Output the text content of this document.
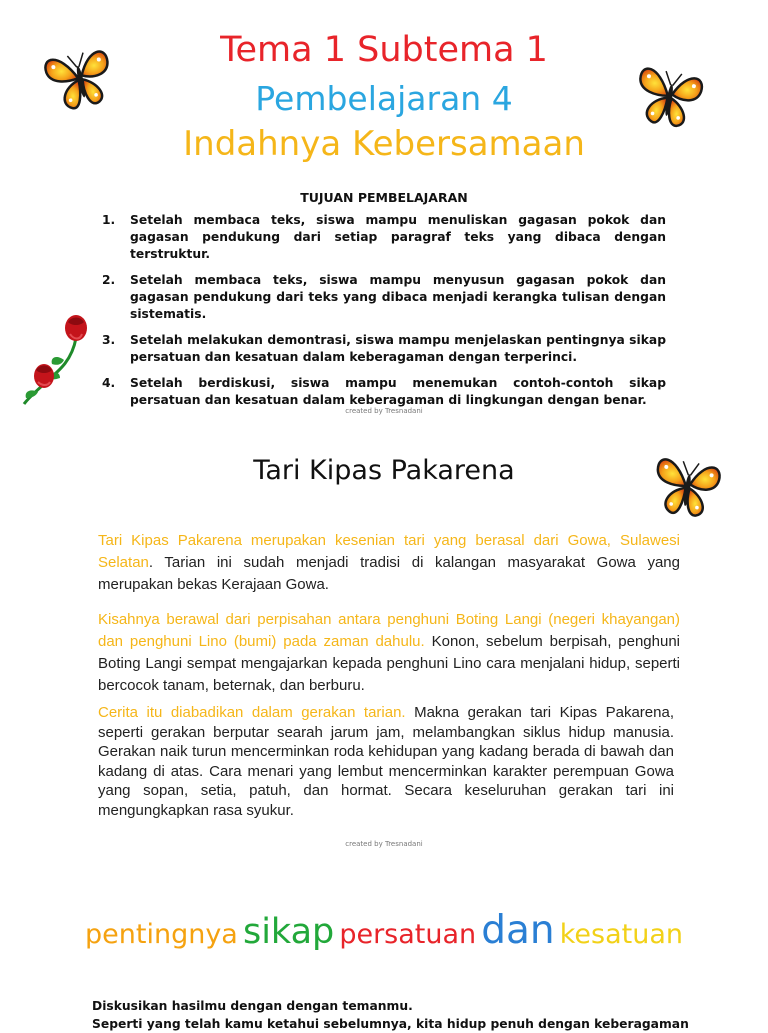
Tema 1 Subtema 1
Pembelajaran 4
Indahnya Kebersamaan
TUJUAN PEMBELAJARAN
1. Setelah membaca teks, siswa mampu menuliskan gagasan pokok dan gagasan pendukung dari setiap paragraf teks yang dibaca dengan terstruktur.
2. Setelah membaca teks, siswa mampu menyusun gagasan pokok dan gagasan pendukung dari teks yang dibaca menjadi kerangka tulisan dengan sistematis.
3. Setelah melakukan demontrasi, siswa mampu menjelaskan pentingnya sikap persatuan dan kesatuan dalam keberagaman dengan terperinci.
4. Setelah berdiskusi, siswa mampu menemukan contoh-contoh sikap persatuan dan kesatuan dalam keberagaman di lingkungan dengan benar.
created by Tresnadani
Tari Kipas Pakarena
Tari Kipas Pakarena merupakan kesenian tari yang berasal dari Gowa, Sulawesi Selatan. Tarian ini sudah menjadi tradisi di kalangan masyarakat Gowa yang merupakan bekas Kerajaan Gowa.
Kisahnya berawal dari perpisahan antara penghuni Boting Langi (negeri khayangan) dan penghuni Lino (bumi) pada zaman dahulu. Konon, sebelum berpisah, penghuni Boting Langi sempat mengajarkan kepada penghuni Lino cara menjalani hidup, seperti bercocok tanam, beternak, dan berburu.
Cerita itu diabadikan dalam gerakan tarian. Makna gerakan tari Kipas Pakarena, seperti gerakan berputar searah jarum jam, melambangkan siklus hidup manusia. Gerakan naik turun mencerminkan roda kehidupan yang kadang berada di bawah dan kadang di atas. Cara menari yang lembut mencerminkan karakter perempuan Gowa yang sopan, setia, patuh, dan hormat. Secara keseluruhan gerakan tari ini mengungkapkan rasa syukur.
created by Tresnadani
pentingnya sikap persatuan dan kesatuan
Diskusikan hasilmu dengan dengan temanmu.
Seperti yang telah kamu ketahui sebelumnya, kita hidup penuh dengan keberagaman
